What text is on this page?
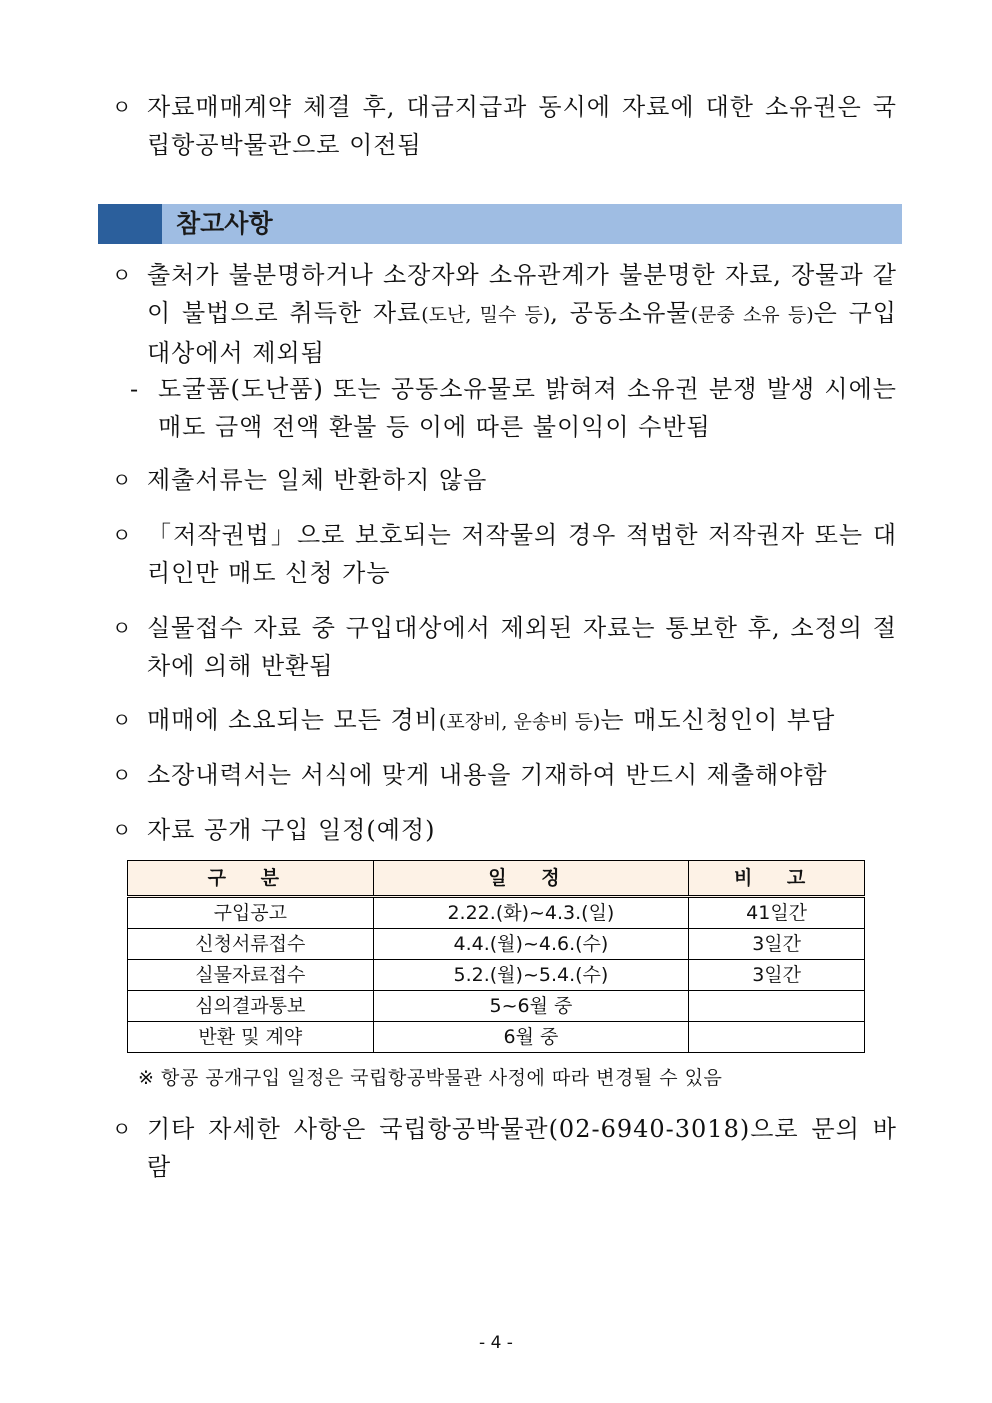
ㅇ 자료매매계약 체결 후, 대금지급과 동시에 자료에 대한 소유권은 국립항공박물관으로 이전됨
참고사항
ㅇ 출처가 불분명하거나 소장자와 소유관계가 불분명한 자료, 장물과 같이 불법으로 취득한 자료(도난, 밀수 등), 공동소유물(문중 소유 등)은 구입 대상에서 제외됨
- 도굴품(도난품) 또는 공동소유물로 밝혀져 소유권 분쟁 발생 시에는 매도 금액 전액 환불 등 이에 따른 불이익이 수반됨
ㅇ 제출서류는 일체 반환하지 않음
ㅇ 「저작권법」으로 보호되는 저작물의 경우 적법한 저작권자 또는 대리인만 매도 신청 가능
ㅇ 실물접수 자료 중 구입대상에서 제외된 자료는 통보한 후, 소정의 절차에 의해 반환됨
ㅇ 매매에 소요되는 모든 경비(포장비, 운송비 등)는 매도신청인이 부담
ㅇ 소장내력서는 서식에 맞게 내용을 기재하여 반드시 제출해야함
ㅇ 자료 공개 구입 일정(예정)
구 분	일 정	비 고
구입공고	2.22.(화)~4.3.(일)	41일간
신청서류접수	4.4.(월)~4.6.(수)	3일간
실물자료접수	5.2.(월)~5.4.(수)	3일간
심의결과통보	5~6월 중	
반환 및 계약	6월 중	
※ 항공 공개구입 일정은 국립항공박물관 사정에 따라 변경될 수 있음
ㅇ 기타 자세한 사항은 국립항공박물관(02-6940-3018)으로 문의 바람
- 4 -
